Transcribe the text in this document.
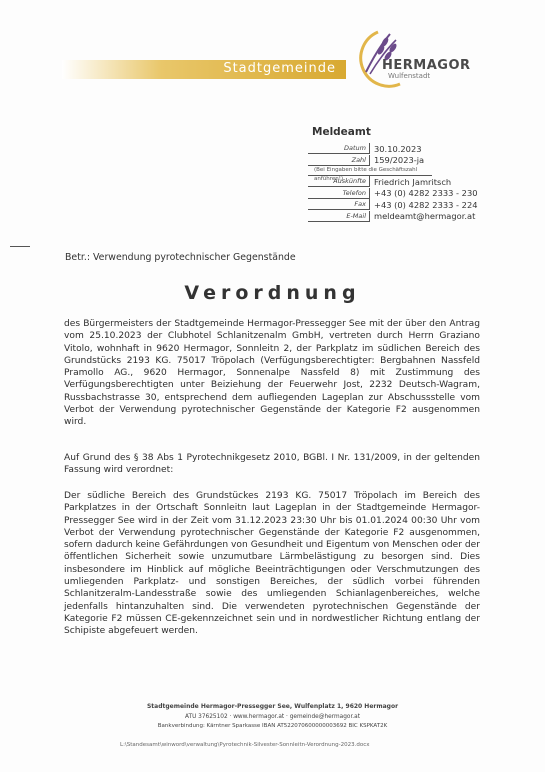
Stadtgemeinde	HERMAGOR
Wulfenstadt
Meldeamt
Datum 30.10.2023
Zahl 159/2023-ja
(Bei Eingaben bitte die Geschäftszahl anführen!)
Auskünfte Friedrich Jamritsch
Telefon +43 (0) 4282 2333 - 230
Fax +43 (0) 4282 2333 - 224
E-Mail meldeamt@hermagor.at
Betr.: Verwendung pyrotechnischer Gegenstände
Verordnung
des Bürgermeisters der Stadtgemeinde Hermagor-Pressegger See mit der über den Antrag vom 25.10.2023 der Clubhotel Schlanitzenalm GmbH, vertreten durch Herrn Graziano Vitolo, wohnhaft in 9620 Hermagor, Sonnleitn 2, der Parkplatz im südlichen Bereich des Grundstücks 2193 KG. 75017 Tröpolach (Verfügungsberechtigter: Bergbahnen Nassfeld Pramollo AG., 9620 Hermagor, Sonnenalpe Nassfeld 8) mit Zustimmung des Verfügungsberechtigten unter Beiziehung der Feuerwehr Jost, 2232 Deutsch-Wagram, Russbachstrasse 30, entsprechend dem aufliegenden Lageplan zur Abschussstelle vom Verbot der Verwendung pyrotechnischer Gegenstände der Kategorie F2 ausgenommen wird.
Auf Grund des § 38 Abs 1 Pyrotechnikgesetz 2010, BGBl. I Nr. 131/2009, in der geltenden Fassung wird verordnet:
Der südliche Bereich des Grundstückes 2193 KG. 75017 Tröpolach im Bereich des Parkplatzes in der Ortschaft Sonnleitn laut Lageplan in der Stadtgemeinde Hermagor-Pressegger See wird in der Zeit vom 31.12.2023 23:30 Uhr bis 01.01.2024 00:30 Uhr vom Verbot der Verwendung pyrotechnischer Gegenstände der Kategorie F2 ausgenommen, sofern dadurch keine Gefährdungen von Gesundheit und Eigentum von Menschen oder der öffentlichen Sicherheit sowie unzumutbare Lärmbelästigung zu besorgen sind. Dies insbesondere im Hinblick auf mögliche Beeinträchtigungen oder Verschmutzungen des umliegenden Parkplatz- und sonstigen Bereiches, der südlich vorbei führenden Schlanitzeralm-Landesstraße sowie des umliegenden Schianlagenbereiches, welche jedenfalls hintanzuhalten sind. Die verwendeten pyrotechnischen Gegenstände der Kategorie F2 müssen CE-gekennzeichnet sein und in nordwestlicher Richtung entlang der Schipiste abgefeuert werden.
Stadtgemeinde Hermagor-Pressegger See, Wulfenplatz 1, 9620 Hermagor
ATU 37625102 · www.hermagor.at · gemeinde@hermagor.at
Bankverbindung: Kärntner Sparkasse IBAN AT522070600000003692 BIC KSPKAT2K
L:\Standesamt\winword\verwaltung\Pyrotechnik-Silvester-Sonnleitn-Verordnung-2023.docx
